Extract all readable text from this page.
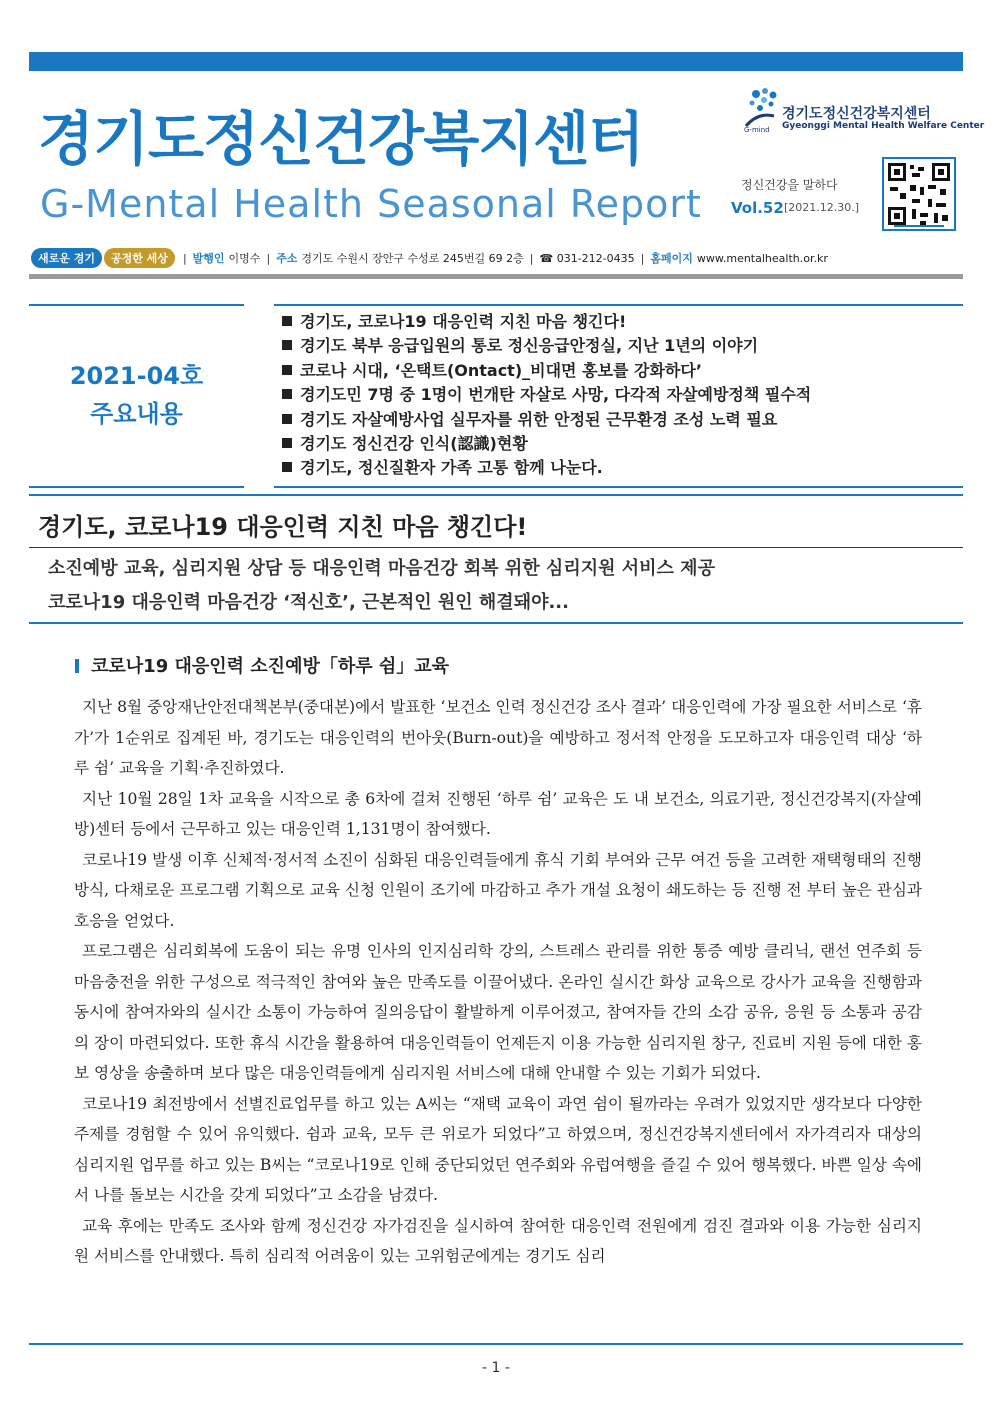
경기도정신건강복지센터
G-Mental Health Seasonal Report
G-mind
경기도정신건강복지센터
Gyeonggi Mental Health Welfare Center
정신건강을 말하다
Vol.52 [2021.12.30.]
새로운 경기	공정한 세상	| 발행인 이명수 | 주소 경기도 수원시 장안구 수성로 245번길 69 2층 | ☎ 031-212-0435 | 홈페이지 www.mentalhealth.or.kr
2021-04호
주요내용
경기도, 코로나19 대응인력 지친 마음 챙긴다!
경기도 북부 응급입원의 통로 정신응급안정실, 지난 1년의 이야기
코로나 시대, ‘온택트(Ontact)_비대면 홍보를 강화하다’
경기도민 7명 중 1명이 번개탄 자살로 사망, 다각적 자살예방정책 필수적
경기도 자살예방사업 실무자를 위한 안정된 근무환경 조성 노력 필요
경기도 정신건강 인식(認識)현황
경기도, 정신질환자 가족 고통 함께 나눈다.
경기도, 코로나19 대응인력 지친 마음 챙긴다!
소진예방 교육, 심리지원 상담 등 대응인력 마음건강 회복 위한 심리지원 서비스 제공
코로나19 대응인력 마음건강 ‘적신호’, 근본적인 원인 해결돼야...
코로나19 대응인력 소진예방「하루 쉼」교육

지난 8월 중앙재난안전대책본부(중대본)에서 발표한 ‘보건소 인력 정신건강 조사 결과’ 대응인력에 가장 필요한 서비스로 ‘휴가’가 1순위로 집계된 바, 경기도는 대응인력의 번아웃(Burn-out)을 예방하고 정서적 안정을 도모하고자 대응인력 대상 ‘하루 쉼’ 교육을 기획·추진하였다.

지난 10월 28일 1차 교육을 시작으로 총 6차에 걸쳐 진행된 ‘하루 쉼’ 교육은 도 내 보건소, 의료기관, 정신건강복지(자살예방)센터 등에서 근무하고 있는 대응인력 1,131명이 참여했다.

코로나19 발생 이후 신체적·정서적 소진이 심화된 대응인력들에게 휴식 기회 부여와 근무 여건 등을 고려한 재택형태의 진행 방식, 다채로운 프로그램 기획으로 교육 신청 인원이 조기에 마감하고 추가 개설 요청이 쇄도하는 등 진행 전 부터 높은 관심과 호응을 얻었다.

프로그램은 심리회복에 도움이 되는 유명 인사의 인지심리학 강의, 스트레스 관리를 위한 통증 예방 클리닉, 랜선 연주회 등 마음충전을 위한 구성으로 적극적인 참여와 높은 만족도를 이끌어냈다. 온라인 실시간 화상 교육으로 강사가 교육을 진행함과 동시에 참여자와의 실시간 소통이 가능하여 질의응답이 활발하게 이루어졌고, 참여자들 간의 소감 공유, 응원 등 소통과 공감의 장이 마련되었다. 또한 휴식 시간을 활용하여 대응인력들이 언제든지 이용 가능한 심리지원 창구, 진료비 지원 등에 대한 홍보 영상을 송출하며 보다 많은 대응인력들에게 심리지원 서비스에 대해 안내할 수 있는 기회가 되었다.

코로나19 최전방에서 선별진료업무를 하고 있는 A씨는 “재택 교육이 과연 쉼이 될까라는 우려가 있었지만 생각보다 다양한 주제를 경험할 수 있어 유익했다. 쉼과 교육, 모두 큰 위로가 되었다”고 하였으며, 정신건강복지센터에서 자가격리자 대상의 심리지원 업무를 하고 있는 B씨는 “코로나19로 인해 중단되었던 연주회와 유럽여행을 즐길 수 있어 행복했다. 바쁜 일상 속에서 나를 돌보는 시간을 갖게 되었다”고 소감을 남겼다.

교육 후에는 만족도 조사와 함께 정신건강 자가검진을 실시하여 참여한 대응인력 전원에게 검진 결과와 이용 가능한 심리지원 서비스를 안내했다. 특히 심리적 어려움이 있는 고위험군에게는 경기도 심리

- 1 -
